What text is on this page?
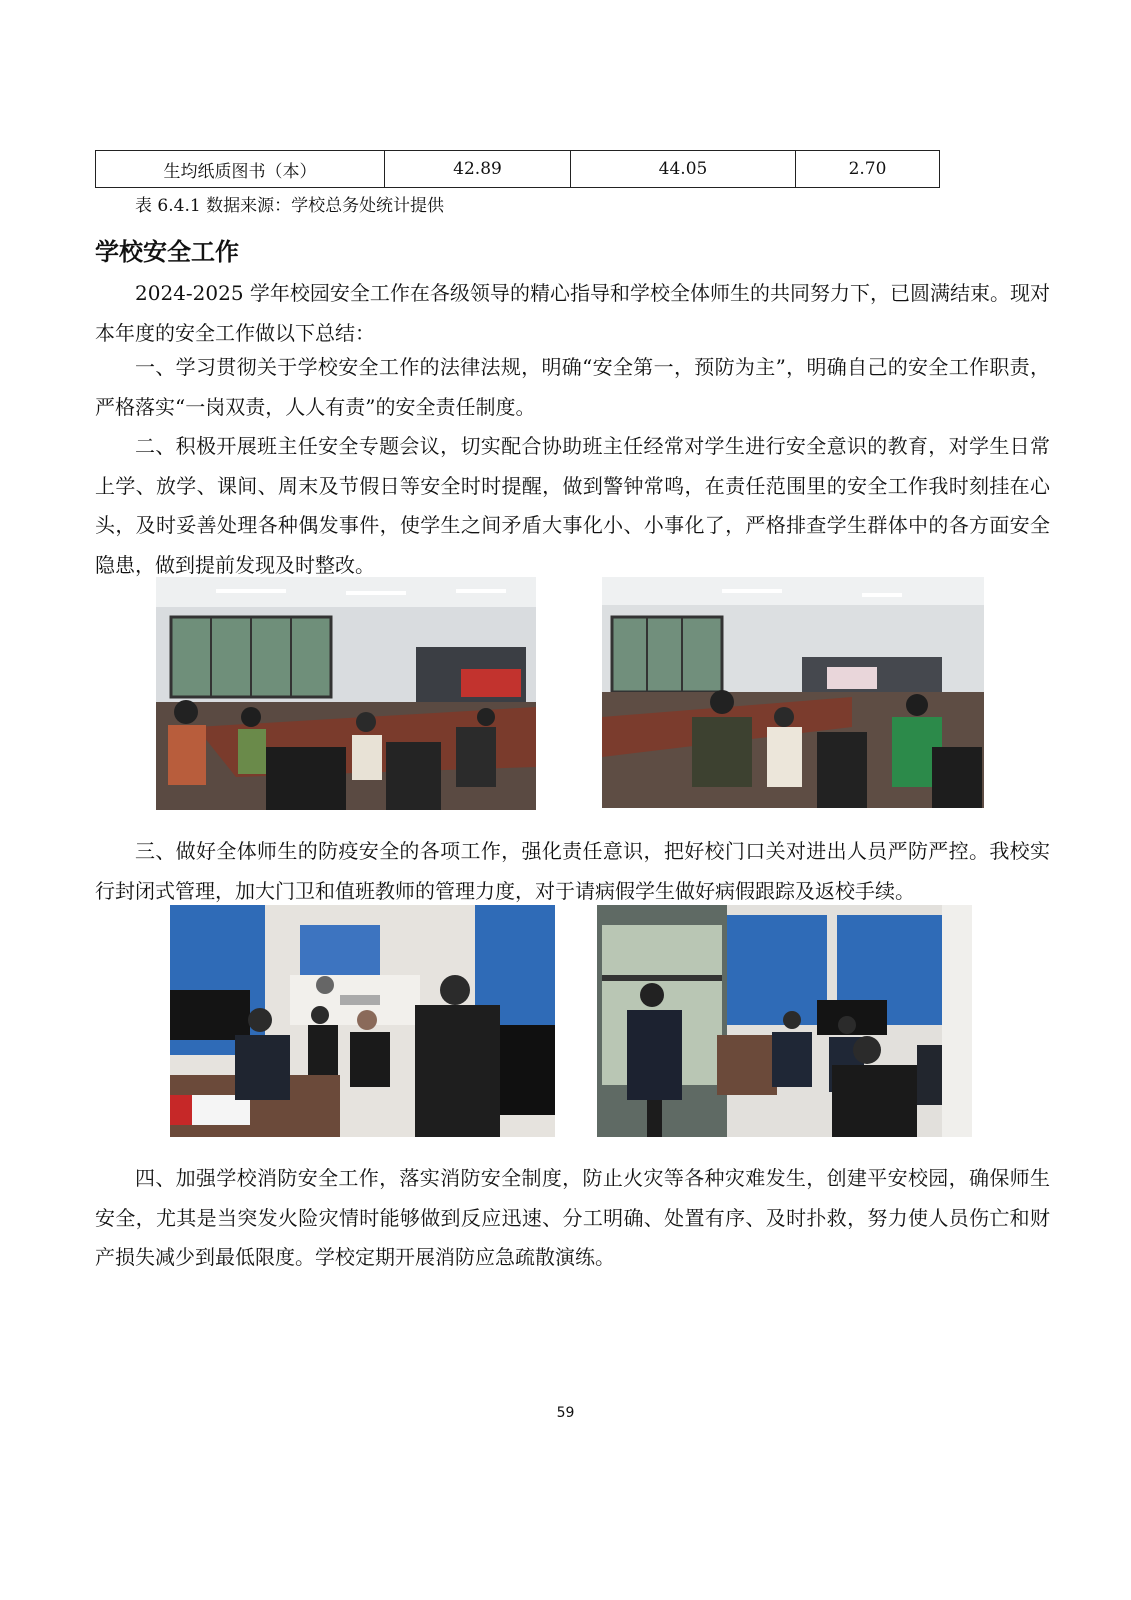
生均纸质图书（本）	42.89	44.05	2.70
表 6.4.1 数据来源：学校总务处统计提供
学校安全工作

2024-2025 学年校园安全工作在各级领导的精心指导和学校全体师生的共同努力下，已圆满结束。现对本年度的安全工作做以下总结：

一、学习贯彻关于学校安全工作的法律法规，明确“安全第一，预防为主”，明确自己的安全工作职责，严格落实“一岗双责，人人有责”的安全责任制度。

二、积极开展班主任安全专题会议，切实配合协助班主任经常对学生进行安全意识的教育，对学生日常上学、放学、课间、周末及节假日等安全时时提醒，做到警钟常鸣，在责任范围里的安全工作我时刻挂在心头，及时妥善处理各种偶发事件，使学生之间矛盾大事化小、小事化了，严格排查学生群体中的各方面安全隐患，做到提前发现及时整改。

三、做好全体师生的防疫安全的各项工作，强化责任意识，把好校门口关对进出人员严防严控。我校实行封闭式管理，加大门卫和值班教师的管理力度，对于请病假学生做好病假跟踪及返校手续。

四、加强学校消防安全工作，落实消防安全制度，防止火灾等各种灾难发生，创建平安校园，确保师生安全，尤其是当突发火险灾情时能够做到反应迅速、分工明确、处置有序、及时扑救，努力使人员伤亡和财产损失减少到最低限度。学校定期开展消防应急疏散演练。

59
